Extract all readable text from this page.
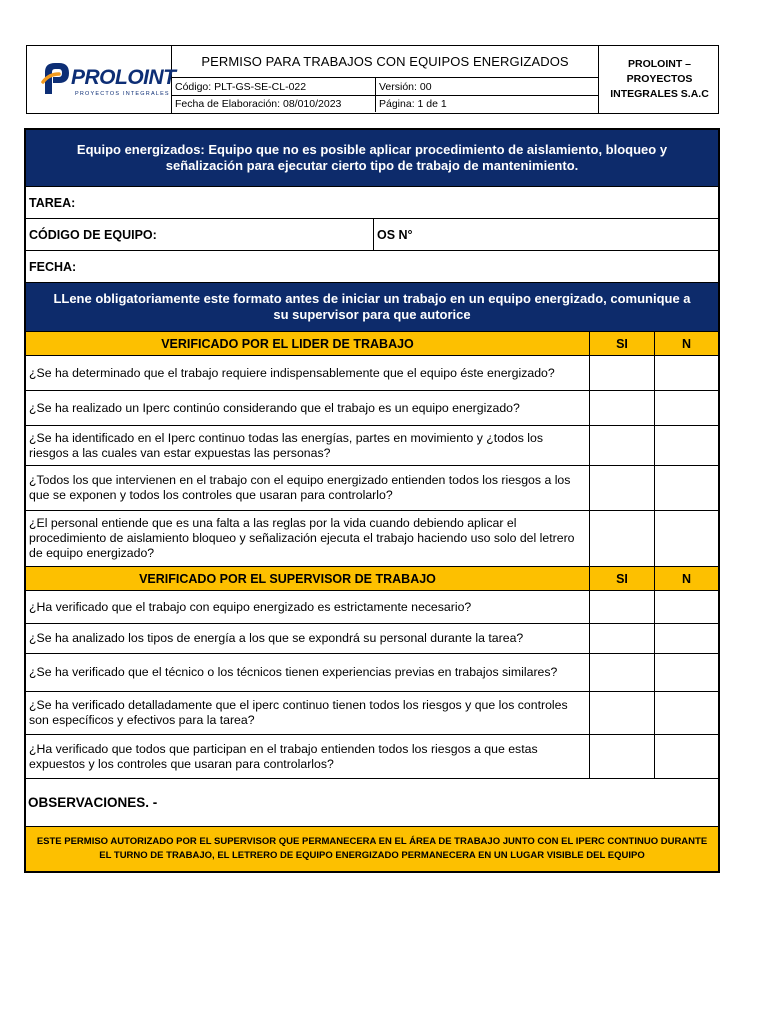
PROLOINT
PROYECTOS INTEGRALES
PERMISO PARA TRABAJOS CON EQUIPOS ENERGIZADOS
Código: PLT-GS-SE-CL-022	Versión: 00
Fecha de Elaboración: 08/010/2023	Página: 1 de 1
PROLOINT – PROYECTOS INTEGRALES S.A.C
Equipo energizados: Equipo que no es posible aplicar procedimiento de aislamiento, bloqueo y señalización para ejecutar cierto tipo de trabajo de mantenimiento.
TAREA:
CÓDIGO DE EQUIPO:	OS N°
FECHA:
LLene obligatoriamente este formato antes de iniciar un trabajo en un equipo energizado, comunique a su supervisor para que autorice
VERIFICADO POR EL LIDER DE TRABAJO	SI	N
¿Se ha determinado que el trabajo requiere indispensablemente que el equipo éste energizado?
¿Se ha realizado un Iperc continúo considerando que el trabajo es un equipo energizado?
¿Se ha identificado en el Iperc continuo todas las energías, partes en movimiento y ¿todos los riesgos a las cuales van estar expuestas las personas?
¿Todos los que intervienen en el trabajo con el equipo energizado entienden todos los riesgos a los que se exponen y todos los controles que usaran para controlarlo?
¿El personal entiende que es una falta a las reglas por la vida cuando debiendo aplicar el procedimiento de aislamiento bloqueo y señalización ejecuta el trabajo haciendo uso solo del letrero de equipo energizado?
VERIFICADO POR EL SUPERVISOR DE TRABAJO	SI	N
¿Ha verificado que el trabajo con equipo energizado es estrictamente necesario?
¿Se ha analizado los tipos de energía a los que se expondrá su personal durante la tarea?
¿Se ha verificado que el técnico o los técnicos tienen experiencias previas en trabajos similares?
¿Se ha verificado detalladamente que el iperc continuo tienen todos los riesgos y que los controles son específicos y efectivos para la tarea?
¿Ha verificado que todos que participan en el trabajo entienden todos los riesgos a que estas expuestos y los controles que usaran para controlarlos?
OBSERVACIONES. -
ESTE PERMISO AUTORIZADO POR EL SUPERVISOR QUE PERMANECERA EN EL ÁREA DE TRABAJO JUNTO CON EL IPERC CONTINUO DURANTE EL TURNO DE TRABAJO, EL LETRERO DE EQUIPO ENERGIZADO PERMANECERA EN UN LUGAR VISIBLE DEL EQUIPO
